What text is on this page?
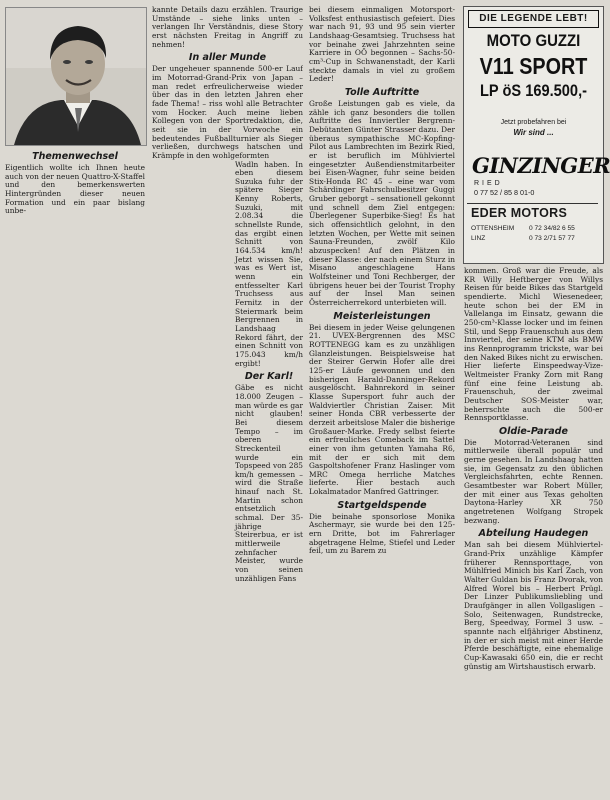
Themenwechsel

Eigentlich wollte ich Ihnen heute auch von der neuen Quattro-X-Staffel und den bemerkenswerten Hintergründen dieser neuen Formation und ein paar bislang unbe-

kannte Details dazu erzählen. Traurige Umstände – siehe links unten – verlangen Ihr Verständnis, diese Story erst nächsten Freitag in Angriff zu nehmen!

In aller Munde

Der ungeheuer spannende 500-er Lauf im Motorrad-Grand-Prix von Japan – man redet erfreulicherweise wieder über das in den letzten Jahren eher fade Thema! – riss wohl alle Betrachter vom Hocker. Auch meine lieben Kollegen von der Sportredaktion, die, seit sie in der Vorwoche ein bedeutendes Fußballturnier als Sieger verließen, durchwegs hatschen und Krämpfe in den wohlgeformten

Wadln haben. In eben diesem Suzuka fuhr der spätere Sieger Kenny Roberts, Suzuki, mit 2.08.34 die schnellste Runde, das ergibt einen Schnitt von 164.534 km/h! Jetzt wissen Sie, was es Wert ist, wenn ein entfesselter Karl Truchsess aus Fernitz in der Steiermark beim Bergrennen in Landshaag Rekord fährt, der einen Schnitt von 175.043 km/h ergibt!

Der Karl!

Gäbe es nicht 18.000 Zeugen – man würde es gar nicht glauben! Bei diesem Tempo – im oberen Streckenteil wurde ein Topspeed von 285 km/h gemessen – wird die Straße hinauf nach St. Martin schon entsetzlich schmal. Der 35-jährige Steirerbua, er ist mittlerweile zehnfacher Meister, wurde von seinen unzähligen Fans

bei diesem einmaligen Motorsport-Volksfest enthusiastisch gefeiert. Dies war nach 91, 93 und 95 sein vierter Landshaag-Gesamtsieg. Truchsess hat vor beinahe zwei Jahrzehnten seine Karriere in OÖ begonnen – Sachs-50-cm³-Cup in Schwanenstadt, der Karli steckte damals in viel zu großem Leder!

Tolle Auftritte

Große Leistungen gab es viele, da zähle ich ganz besonders die tollen Auftritte des Innviertler Bergrenn-Debütanten Günter Strasser dazu. Der überaus sympathische MC-Kopfing-Pilot aus Lambrechten im Bezirk Ried, er ist beruflich im Mühlviertel eingesetzter Außendienstmitarbeiter bei Eisen-Wagner, fuhr seine beiden Stix-Honda RC 45 – eine war vom Schärdinger Fahrschulbesitzer Guggi Gruber geborgt – sensationell gekonnt und schnell dem Ziel entgegen: Überlegener Superbike-Sieg! Es hat sich offensichtlich gelohnt, in den letzten Wochen, per Wette mit seinen Sauna-Freunden, zwölf Kilo abzuspecken! Auf den Plätzen in dieser Klasse: der nach einem Sturz in Misano angeschlagene Hans Wolfsteiner und Toni Rechberger, der übrigens heuer bei der Tourist Trophy auf der Insel Man seinen Österreicherrekord unterbieten will.

Meisterleistungen

Bei diesem in jeder Weise gelungenen 21. UVEX-Bergrennen des MSC ROTTENEGG kam es zu unzähligen Glanzleistungen. Beispielsweise hat der Steirer Gerwin Hofer alle drei 125-er Läufe gewonnen und den bisherigen Harald-Danninger-Rekord ausgelöscht. Bahnrekord in seiner Klasse Supersport fuhr auch der Waldviertler Christian Zaiser. Mit seiner Honda CBR verbesserte der derzeit arbeitslose Maler die bisherige Großauer-Marke. Fredy selbst feierte ein erfreuliches Comeback im Sattel einer von ihm getunten Yamaha R6, mit der er sich mit dem Gaspoltshofener Franz Haslinger vom MRC Omega herrliche Matches lieferte. Hier bestach auch Lokalmatador Manfred Gattringer.

Startgeldspende

Die beinahe sponsorlose Monika Aschermayr, sie wurde bei den 125-ern Dritte, bot im Fahrerlager abgetragene Helme, Stiefel und Leder feil, um zu Barem zu

DIE LEGENDE LEBT!
MOTO GUZZI
V11 SPORT
LP öS 169.500,-
Jetzt probefahren bei
Wir sind ...
GINZINGER
RIED
0 77 52 / 85 8 01-0
EDER MOTORS
OTTENSHEIM 0 72 34/82 6 55
LINZ	0 73 2/71 57 77

kommen. Groß war die Freude, als KR Willy Heftberger von Willys Reisen für beide Bikes das Startgeld spendierte. Michl Wiesenedeer, heute schon bei der EM in Vallelanga im Einsatz, gewann die 250-cm³-Klasse locker und im feinen Stil, und Sepp Frauenschuh aus dem Innviertel, der seine KTM als BMW ins Rennprogramm trickste, war bei den Naked Bikes nicht zu erwischen. Hier lieferte Einspeedway-Vize-Weltmeister Franky Zorn mit Rang fünf eine feine Leistung ab. Frauenschuh, der zweimal Deutscher SOS-Meister war, beherrschte auch die 500-er Rennsportklasse.

Oldie-Parade

Die Motorrad-Veteranen sind mittlerweile überall populär und gerne gesehen. In Landshaag hatten sie, im Gegensatz zu den üblichen Vergleichsfahrten, echte Rennen. Gesamtbester war Robert Müller, der mit einer aus Texas geholten Daytona-Harley XR 750 angetretenen Wolfgang Stropek bezwang.

Abteilung Haudegen

Man sah bei diesem Mühlviertel-Grand-Prix unzählige Kämpfer früherer Rennsporttage, von Mühlfried Minich bis Karl Zach, von Walter Guldan bis Franz Dvorak, von Alfred Worel bis – Herbert Prügl. Der Linzer Publikumsliebling und Draufgänger in allen Vollgasligen – Solo, Seitenwagen, Rundstrecke, Berg, Speedway, Formel 3 usw. – spannte nach elfjähriger Abstinenz, in der er sich meist mit einer Herde Pferde beschäftigte, eine ehemalige Cup-Kawasaki 650 ein, die er recht günstig am Wirtshaustisch erwarb.
